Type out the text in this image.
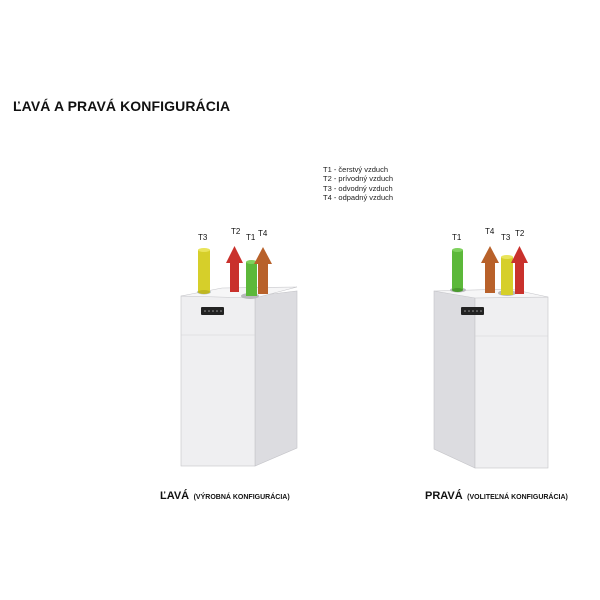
ĽAVÁ A PRAVÁ KONFIGURÁCIA
T1 - čerstvý vzduch
T2 - prívodný vzduch
T3 - odvodný vzduch
T4 - odpadný vzduch
T3
T2
T1 T4	T1
T4
T3 T2
ĽAVÁ (VÝROBNÁ KONFIGURÁCIA)	PRAVÁ (VOLITEĽNÁ KONFIGURÁCIA)
